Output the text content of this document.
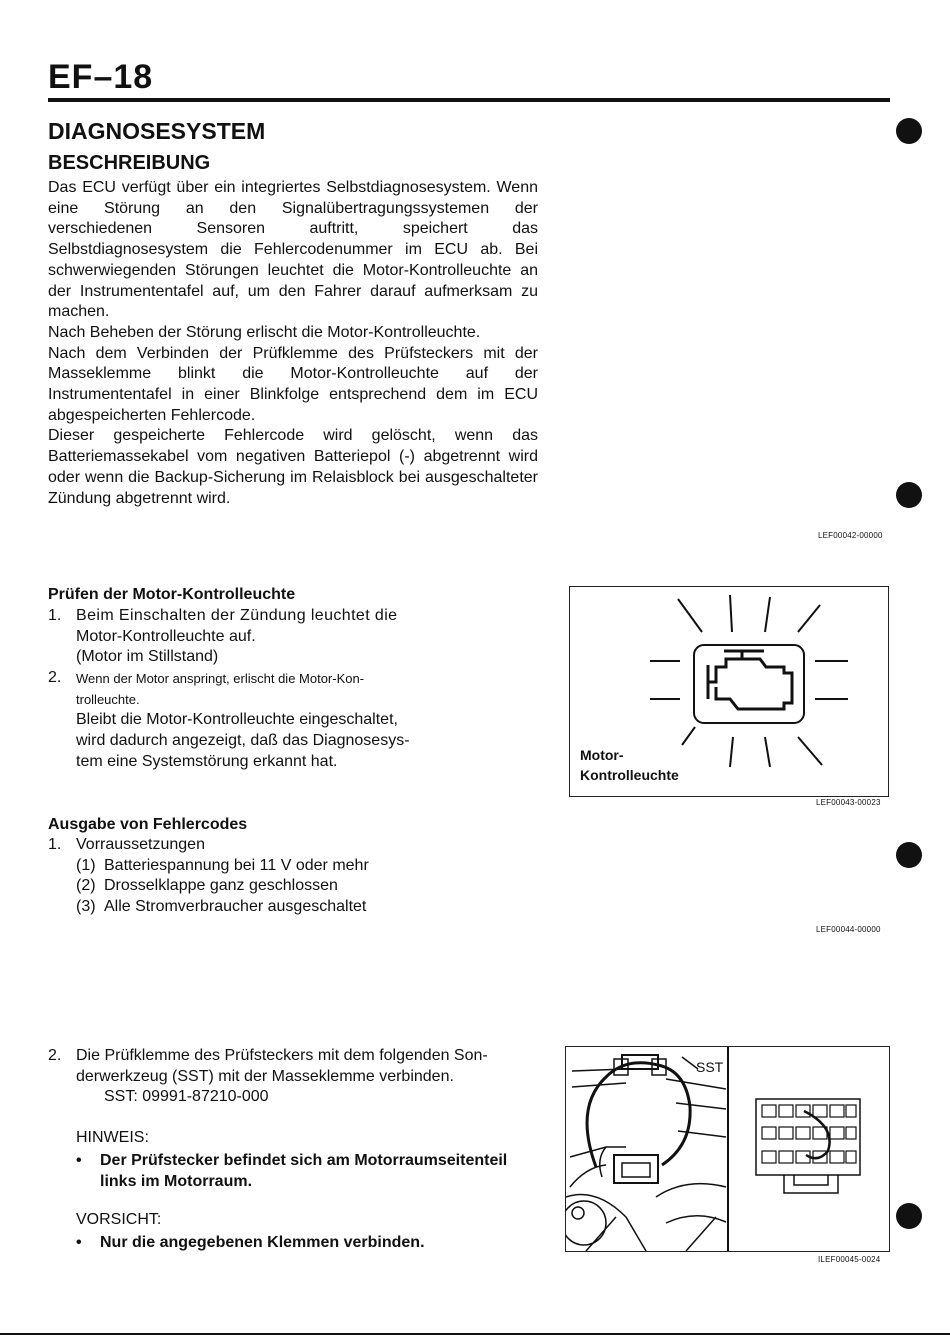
EF–18
DIAGNOSESYSTEM
BESCHREIBUNG

Das ECU verfügt über ein integriertes Selbstdiagnosesystem. Wenn eine Störung an den Signalübertragungssystemen der verschiedenen Sensoren auftritt, speichert das Selbstdiagnosesystem die Fehlercodenummer im ECU ab. Bei schwerwiegenden Störungen leuchtet die Motor-Kontrolleuchte an der Instrumententafel auf, um den Fahrer darauf aufmerksam zu machen.

Nach Beheben der Störung erlischt die Motor-Kontrolleuchte.

Nach dem Verbinden der Prüfklemme des Prüfsteckers mit der Masseklemme blinkt die Motor-Kontrolleuchte auf der Instrumententafel in einer Blinkfolge entsprechend dem im ECU abgespeicherten Fehlercode.

Dieser gespeicherte Fehlercode wird gelöscht, wenn das Batteriemassekabel vom negativen Batteriepol (-) abgetrennt wird oder wenn die Backup-Sicherung im Relaisblock bei ausgeschalteter Zündung abgetrennt wird.

LEF00042-00000
Prüfen der Motor-Kontrolleuchte
1. Beim Einschalten der Zündung leuchtet die
Motor-Kontrolleuchte auf.
(Motor im Stillstand)
2. Wenn der Motor anspringt, erlischt die Motor-Kon-
trolleuchte.
Bleibt die Motor-Kontrolleuchte eingeschaltet,
wird dadurch angezeigt, daß das Diagnosesys-
tem eine Systemstörung erkannt hat.	Motor-
Kontrolleuchte
LEF00043-00023
Ausgabe von Fehlercodes
1. Vorraussetzungen
(1) Batteriespannung bei 11 V oder mehr
(2) Drosselklappe ganz geschlossen
(3) Alle Stromverbraucher ausgeschaltet
LEF00044-00000
2. Die Prüfklemme des Prüfsteckers mit dem folgenden Son-
derwerkzeug (SST) mit der Masseklemme verbinden.
SST: 09991-87210-000
HINWEIS:
• Der Prüfstecker befindet sich am Motorraumseitenteil
links im Motorraum.
VORSICHT:
• Nur die angegebenen Klemmen verbinden.
SST
ILEF00045-0024
